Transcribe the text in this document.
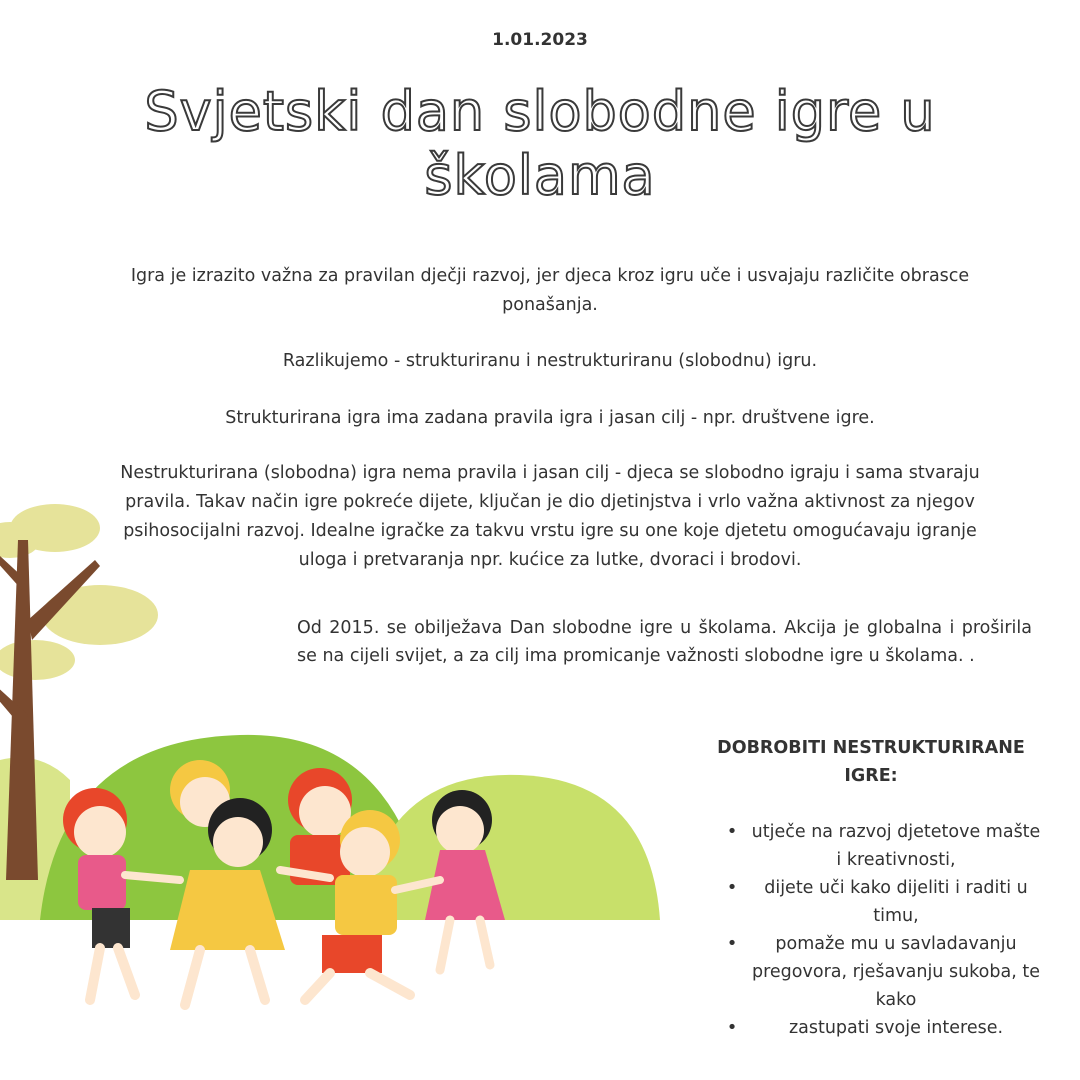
1.01.2023
Svjetski dan slobodne igre u školama

Igra je izrazito važna za pravilan dječji razvoj, jer djeca kroz igru uče i usvajaju različite obrasce ponašanja.

Razlikujemo - strukturiranu i nestrukturiranu (slobodnu) igru.

Strukturirana igra ima zadana pravila igra i jasan cilj - npr. društvene igre.

Nestrukturirana (slobodna) igra nema pravila i jasan cilj - djeca se slobodno igraju i sama stvaraju pravila. Takav način igre pokreće dijete, ključan je dio djetinjstva i vrlo važna aktivnost za njegov psihosocijalni razvoj. Idealne igračke za takvu vrstu igre su one koje djetetu omogućavaju igranje uloga i pretvaranja npr. kućice za lutke, dvoraci i brodovi.

Od 2015. se obilježava Dan slobodne igre u školama. Akcija je globalna i proširila se na cijeli svijet, a za cilj ima promicanje važnosti slobodne igre u školama. .

DOBROBITI NESTRUKTURIRANE IGRE:
• utječe na razvoj djetetove mašte i kreativnosti,
• dijete uči kako dijeliti i raditi u timu,
• pomaže mu u savladavanju pregovora, rješavanju sukoba, te kako
•	zastupati svoje interese.
